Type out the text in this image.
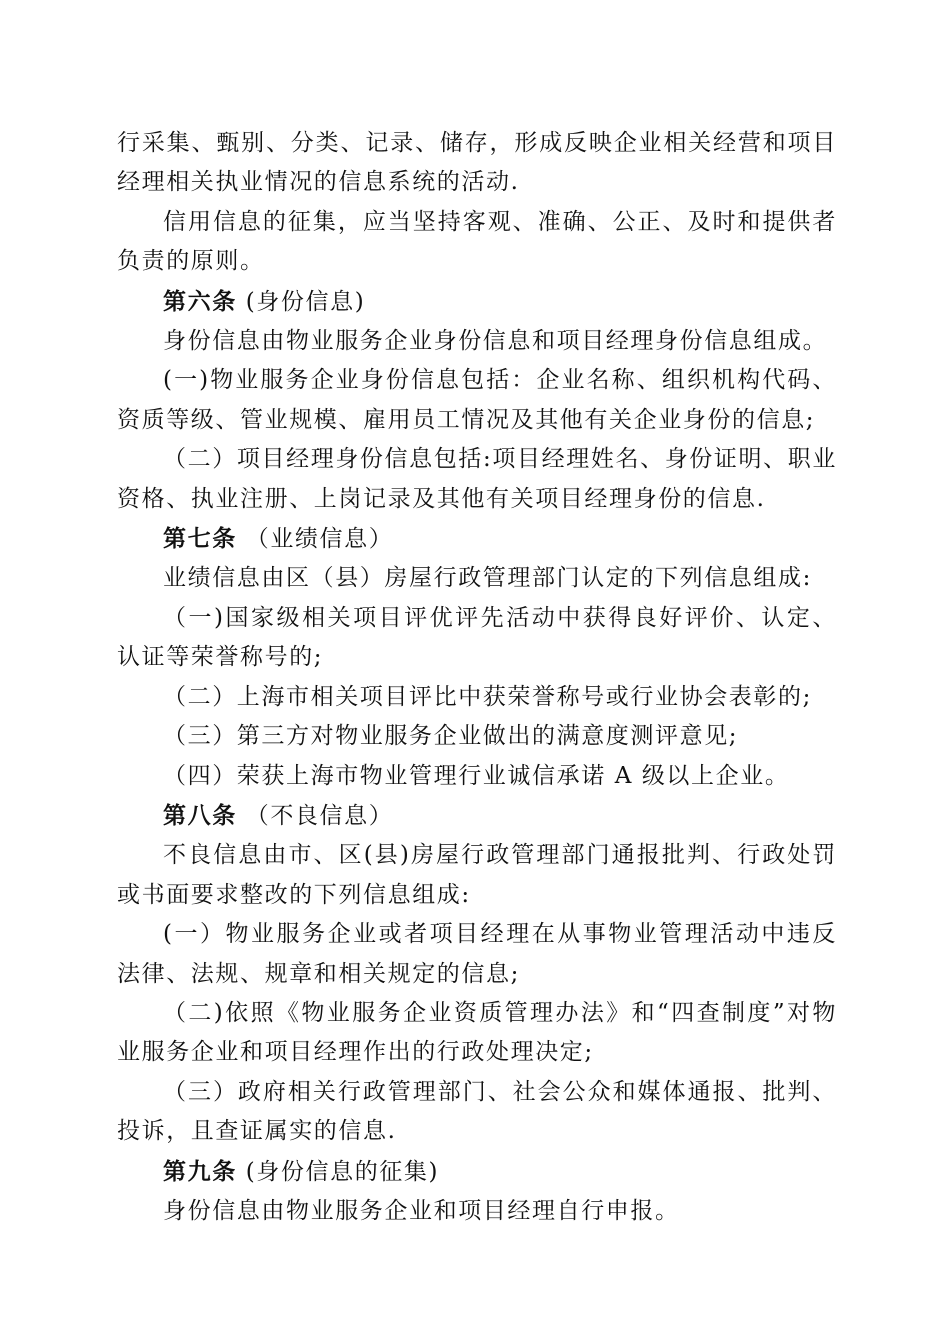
行采集、甄别、分类、记录、储存，形成反映企业相关经营和项目经理相关执业情况的信息系统的活动.

信用信息的征集，应当坚持客观、准确、公正、及时和提供者负责的原则。

第六条 (身份信息)

身份信息由物业服务企业身份信息和项目经理身份信息组成。

(一)物业服务企业身份信息包括：企业名称、组织机构代码、资质等级、管业规模、雇用员工情况及其他有关企业身份的信息;

（二）项目经理身份信息包括:项目经理姓名、身份证明、职业资格、执业注册、上岗记录及其他有关项目经理身份的信息.

第七条 （业绩信息）

业绩信息由区（县）房屋行政管理部门认定的下列信息组成:

（一)国家级相关项目评优评先活动中获得良好评价、认定、认证等荣誉称号的;

（二）上海市相关项目评比中获荣誉称号或行业协会表彰的;

（三）第三方对物业服务企业做出的满意度测评意见;

（四）荣获上海市物业管理行业诚信承诺 A 级以上企业。

第八条 （不良信息）

不良信息由市、区(县)房屋行政管理部门通报批判、行政处罚或书面要求整改的下列信息组成:

(一）物业服务企业或者项目经理在从事物业管理活动中违反法律、法规、规章和相关规定的信息;

（二)依照《物业服务企业资质管理办法》和“四查制度”对物业服务企业和项目经理作出的行政处理决定;

（三）政府相关行政管理部门、社会公众和媒体通报、批判、投诉，且查证属实的信息.

第九条 (身份信息的征集)

身份信息由物业服务企业和项目经理自行申报。
